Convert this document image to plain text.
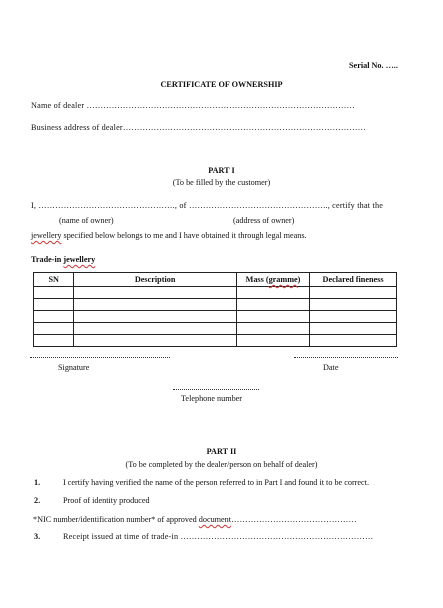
Serial No. …..
CERTIFICATE OF OWNERSHIP
Name of dealer ……………………………………………………………………………………
Business address of dealer……………………………………………………………………………
PART I
(To be filled by the customer)
I, …………………………………………., of ………………………………………….., certify that the
(name of owner)	(address of owner)
jewellery specified below belongs to me and I have obtained it through legal means.
Trade-in jewellery
SN	Description	Mass (gramme)	Declared fineness

Signature	Date
Telephone number
PART II
(To be completed by the dealer/person on behalf of dealer)
1.	I certify having verified the name of the person referred to in Part I and found it to be correct.
2.	Proof of identity produced
*NIC number/identification number* of approved document………………………………………
3.	Receipt issued at time of trade-in ……………………………………………………………
